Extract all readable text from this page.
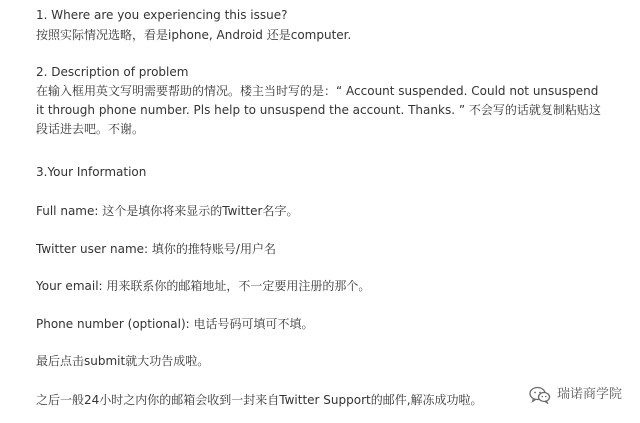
1. Where are you experiencing this issue?
按照实际情况选略，看是iphone, Android 还是computer.
2. Description of problem
在输入框用英文写明需要帮助的情况。楼主当时写的是：“ Account suspended. Could not unsuspend it through phone number. Pls help to unsuspend the account. Thanks. ” 不会写的话就复制粘贴这段话进去吧。不谢。
3.Your Information
Full name: 这个是填你将来显示的Twitter名字。
Twitter user name: 填你的推特账号/用户名
Your email: 用来联系你的邮箱地址，不一定要用注册的那个。
Phone number (optional): 电话号码可填可不填。
最后点击submit就大功告成啦。
之后一般24小时之内你的邮箱会收到一封来自Twitter Support的邮件,解冻成功啦。	瑞诺商学院
